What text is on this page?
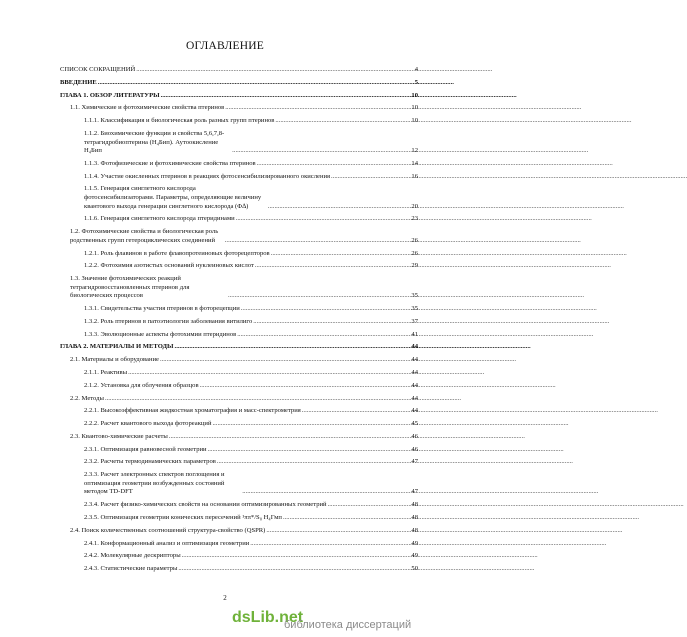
ОГЛАВЛЕНИЕ
СПИСОК СОКРАЩЕНИЙ .....	4
ВВЕДЕНИЕ .....	5
ГЛАВА 1. ОБЗОР ЛИТЕРАТУРЫ .....	10
1.1. Химические и фотохимические свойства птеринов .....	10
1.1.1. Классификация и биологическая роль разных групп птеринов .....	10
1.1.2. Биохимические функции и свойства 5,6,7,8-тетрагидробиоптерина (H₄Бип). Аутоокисление H₄Бип .....	12
1.1.3. Фотофизические и фотохимические свойства птеринов .....	14
1.1.4. Участие окисленных птеринов в реакциях фотосенсибилизированного окисления .....	16
1.1.5. Генерация синглетного кислорода фотосенсибилизаторами. Параметры, определяющие величину квантового выхода генерации синглетного кислорода (Φ∆) .....	20
1.1.6. Генерация синглетного кислорода птеридинами .....	23
1.2. Фотохимические свойства и биологическая роль родственных групп гетероциклических соединений .....	26
1.2.1. Роль флавинов в работе флавопротеиновых фоторецепторов .....	26
1.2.2. Фотохимия азотистых оснований нуклеиновых кислот .....	29
1.3. Значение фотохимических реакций тетрагидровосстановленных птеринов для биологических процессов .....	35
1.3.1. Свидетельства участия птеринов в фоторецепции .....	35
1.3.2. Роль птеринов в патоэтиологии заболевания витилиго .....	37
1.3.3. Эволюционные аспекты фотохимии птеридинов .....	41
ГЛАВА 2. МАТЕРИАЛЫ И МЕТОДЫ .....	44
2.1. Материалы и оборудование .....	44
2.1.1. Реактивы .....	44
2.1.2. Установка для облучения образцов .....	44
2.2. Методы .....	44
2.2.1. Высокоэффективная жидкостная хроматография и масс-спектрометрия .....	44
2.2.2. Расчет квантового выхода фотореакций .....	45
2.3. Квантово-химические расчеты .....	46
2.3.1. Оптимизация равновесной геометрии .....	46
2.3.2. Расчеты термодинамических параметров .....	47
2.3.3. Расчет электронных спектров поглощения и оптимизация геометрии возбужденных состояний методом TD-DFT .....	47
2.3.4. Расчет физико-химических свойств на основании оптимизированных геометрий .....	48
2.3.5. Оптимизация геометрии конических пересечений ¹ππ*/S₀ H₄Гмп .....	48
2.4. Поиск количественных соотношений структура-свойство (QSPR) .....	48
2.4.1. Конформационный анализ и оптимизация геометрии .....	49
2.4.2. Молекулярные дескрипторы .....	49
2.4.3. Статистические параметры .....	50
2
dsLib.net
библиотека диссертаций
